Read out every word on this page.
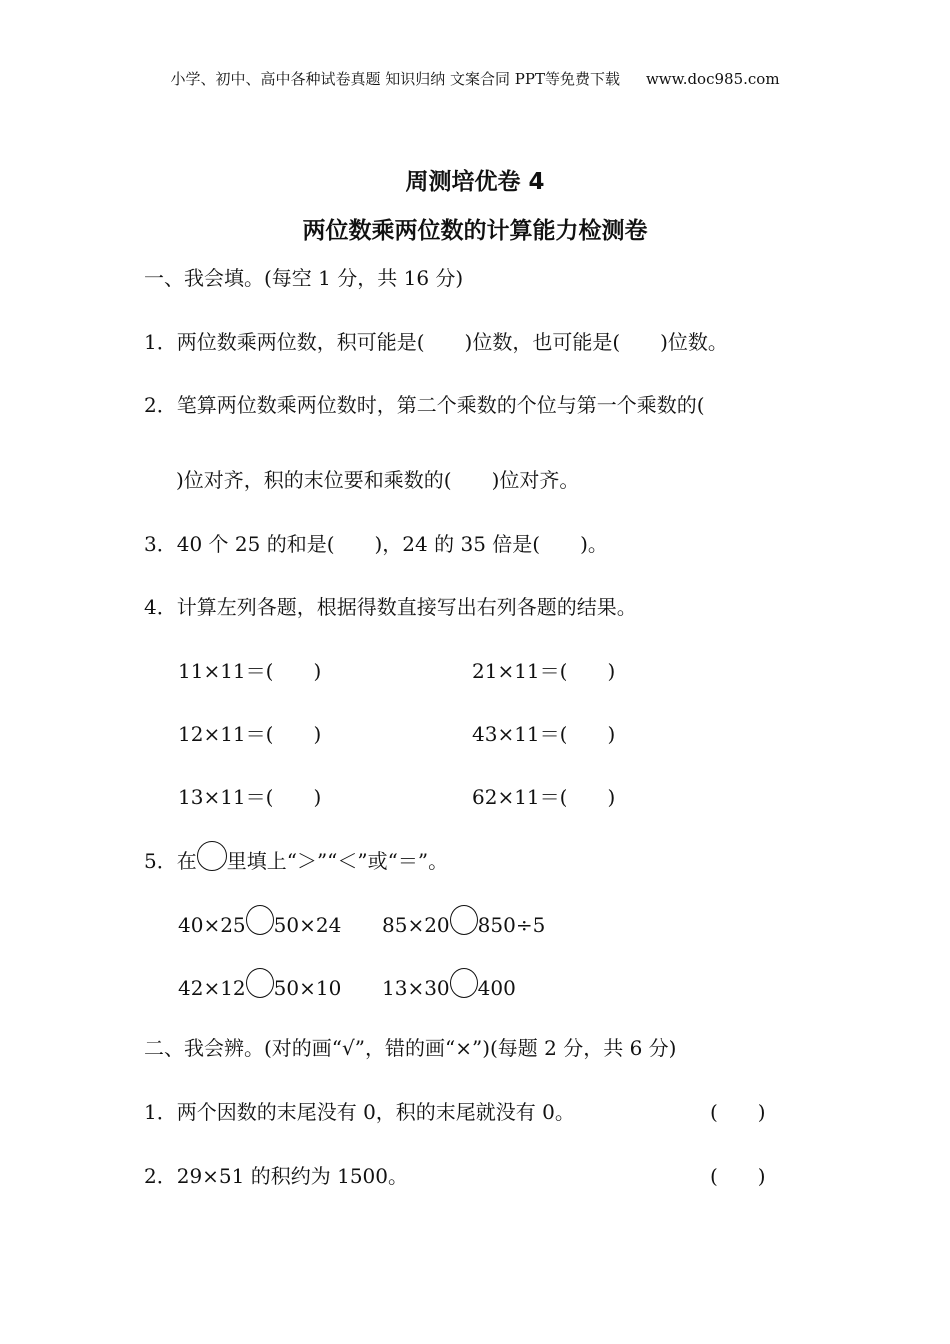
小学、初中、高中各种试卷真题 知识归纳 文案合同 PPT等免费下载 www.doc985.com
周测培优卷 4
两位数乘两位数的计算能力检测卷
一、我会填。(每空 1 分，共 16 分)
1．两位数乘两位数，积可能是(　　)位数，也可能是(　　)位数。
2．笔算两位数乘两位数时，第二个乘数的个位与第一个乘数的(
)位对齐，积的末位要和乘数的(　　)位对齐。
3．40 个 25 的和是(　　)，24 的 35 倍是(　　)。
4．计算左列各题，根据得数直接写出右列各题的结果。
11×11＝(　　)	21×11＝(　　)
12×11＝(　　)	43×11＝(　　)
13×11＝(　　)	62×11＝(　　)
5．在 里填上“＞”“＜”或“＝”。
40×25 50×24 85×20 850÷5
42×12 50×10 13×30 400
二、我会辨。(对的画“√”，错的画“×”)(每题 2 分，共 6 分)
1．两个因数的末尾没有 0，积的末尾就没有 0。	(　　)
2．29×51 的积约为 1500。	(　　)
